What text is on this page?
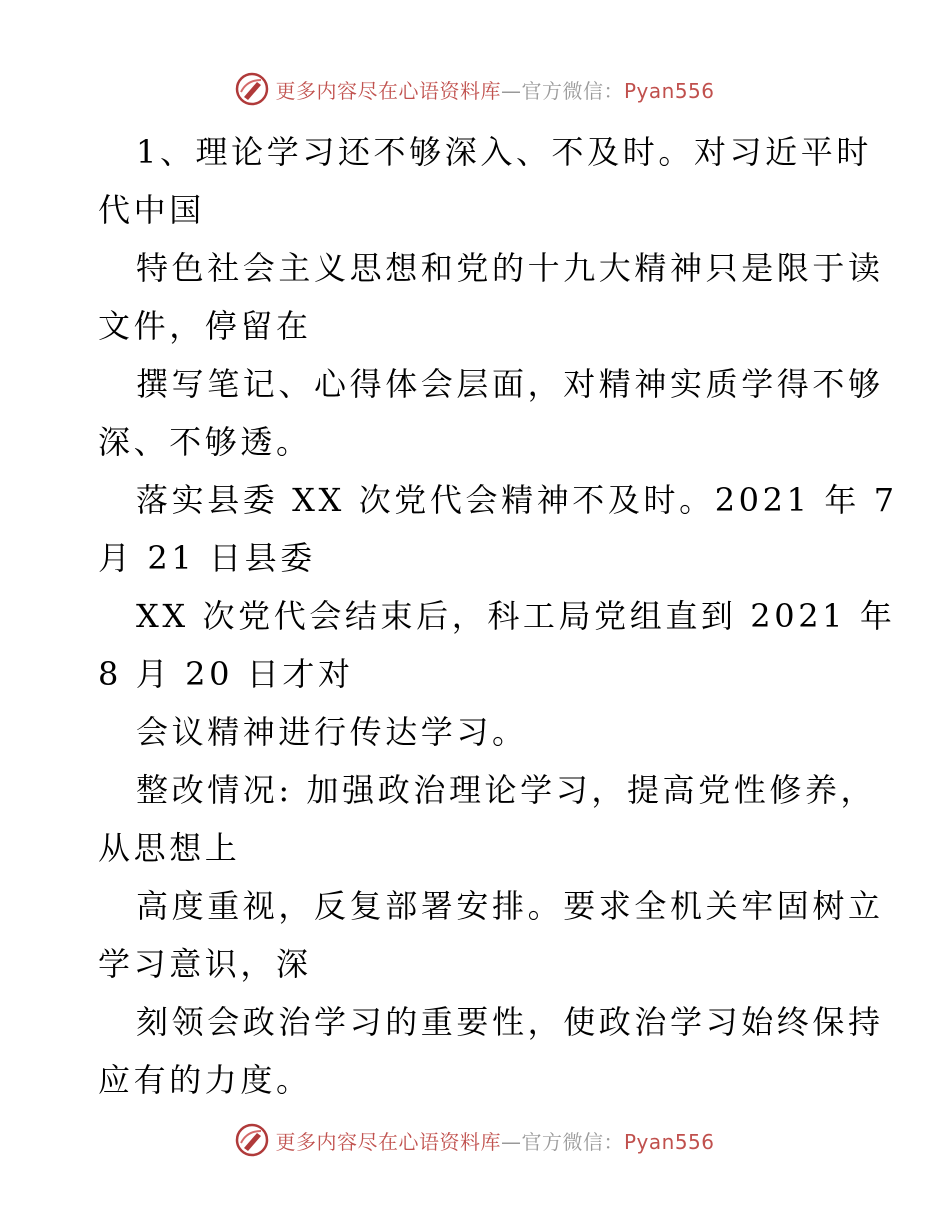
更多内容尽在心语资料库—官方微信：Pyan556

1、理论学习还不够深入、不及时。对习近平时
代中国

特色社会主义思想和党的十九大精神只是限于读
文件，停留在

撰写笔记、心得体会层面，对精神实质学得不够
深、不够透。

落实县委 XX 次党代会精神不及时。2021 年 7
月 21 日县委

XX 次党代会结束后，科工局党组直到 2021 年
8 月 20 日才对

会议精神进行传达学习。

整改情况: 加强政治理论学习，提高党性修养，
从思想上

高度重视，反复部署安排。要求全机关牢固树立
学习意识，深

刻领会政治学习的重要性，使政治学习始终保持
应有的力度。

更多内容尽在心语资料库—官方微信：Pyan556
